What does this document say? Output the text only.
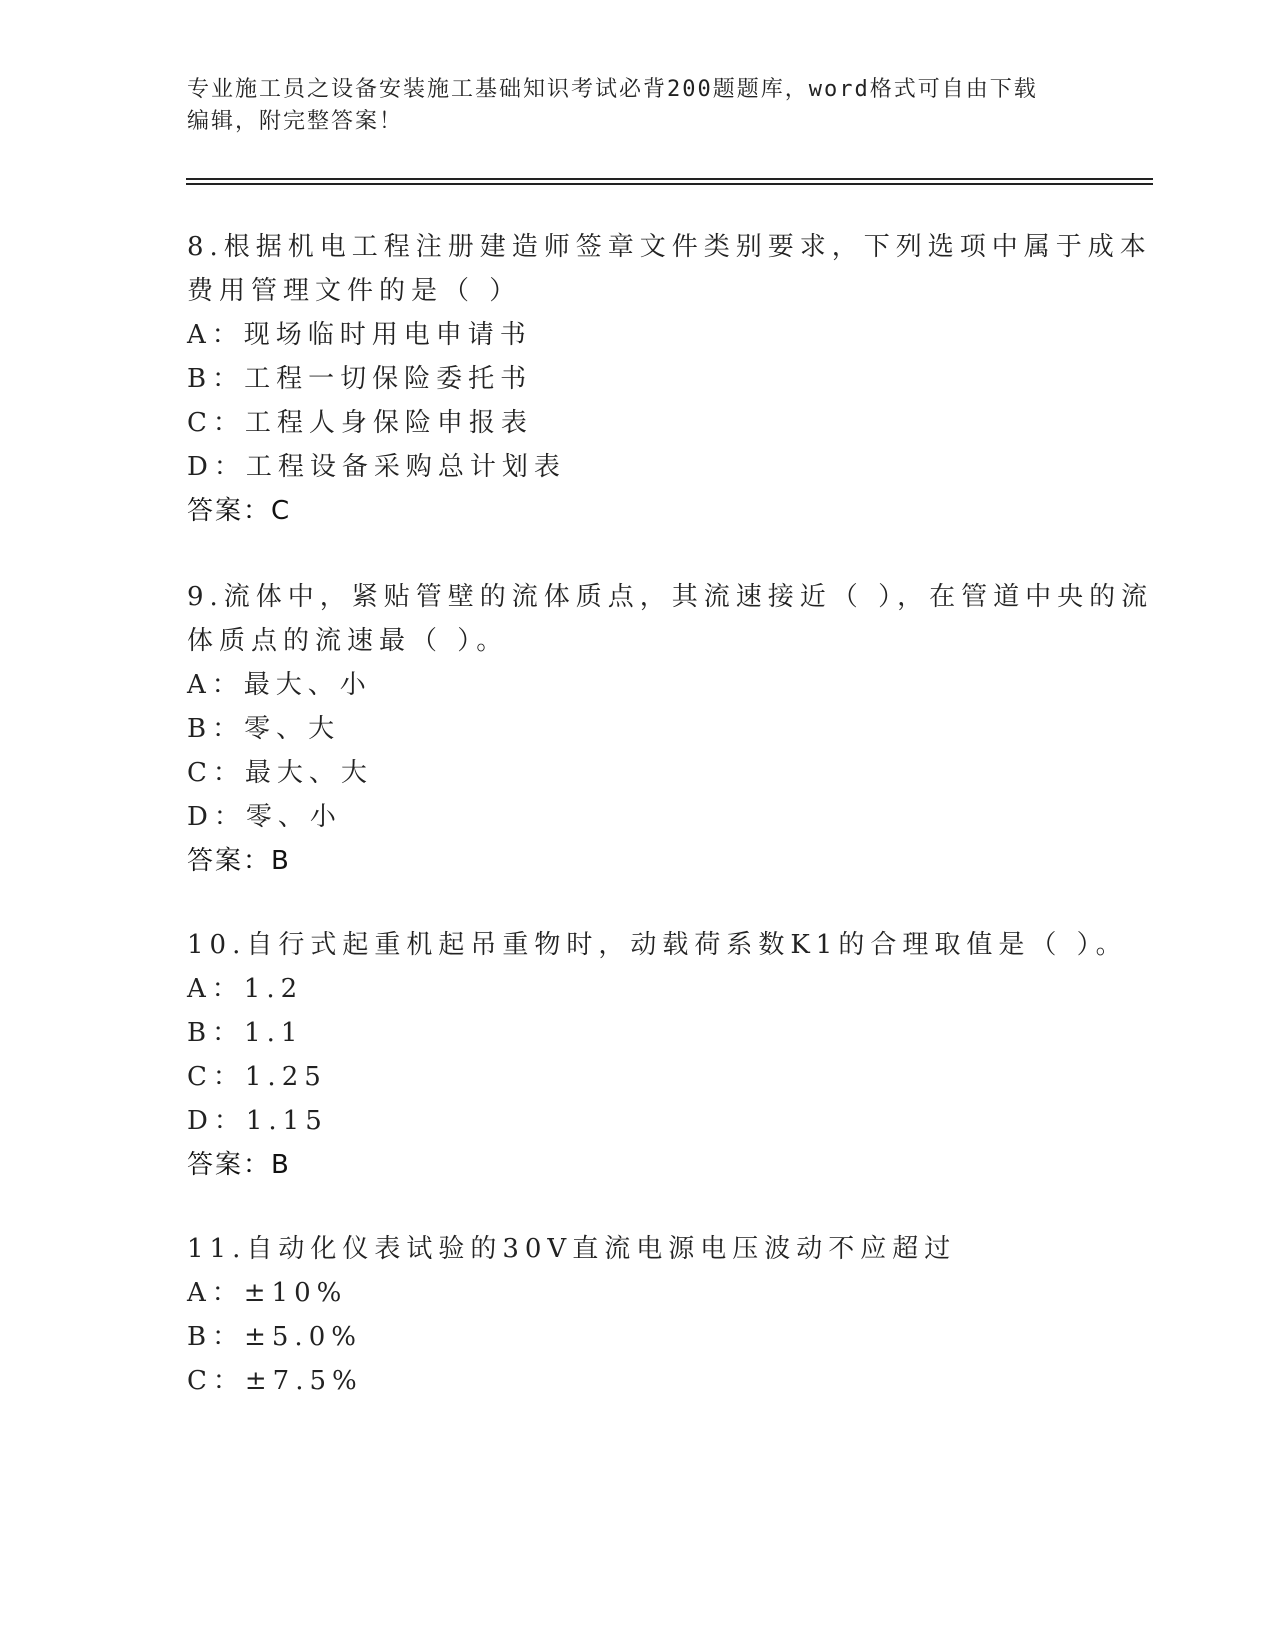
专业施工员之设备安装施工基础知识考试必背200题题库，word格式可自由下载
编辑，附完整答案！
8.根据机电工程注册建造师签章文件类别要求，下列选项中属于成本
费用管理文件的是（ ）
A：现场临时用电申请书
B：工程一切保险委托书
C：工程人身保险申报表
D：工程设备采购总计划表
答案：C
9.流体中，紧贴管壁的流体质点，其流速接近（ ），在管道中央的流
体质点的流速最（ ）。
A：最大、小
B：零、大
C：最大、大
D：零、小
答案：B
10.自行式起重机起吊重物时，动载荷系数K1的合理取值是（ ）。
A：1.2
B：1.1
C：1.25
D：1.15
答案：B
11.自动化仪表试验的30V直流电源电压波动不应超过
A：±10%
B：±5.0%
C：±7.5%
